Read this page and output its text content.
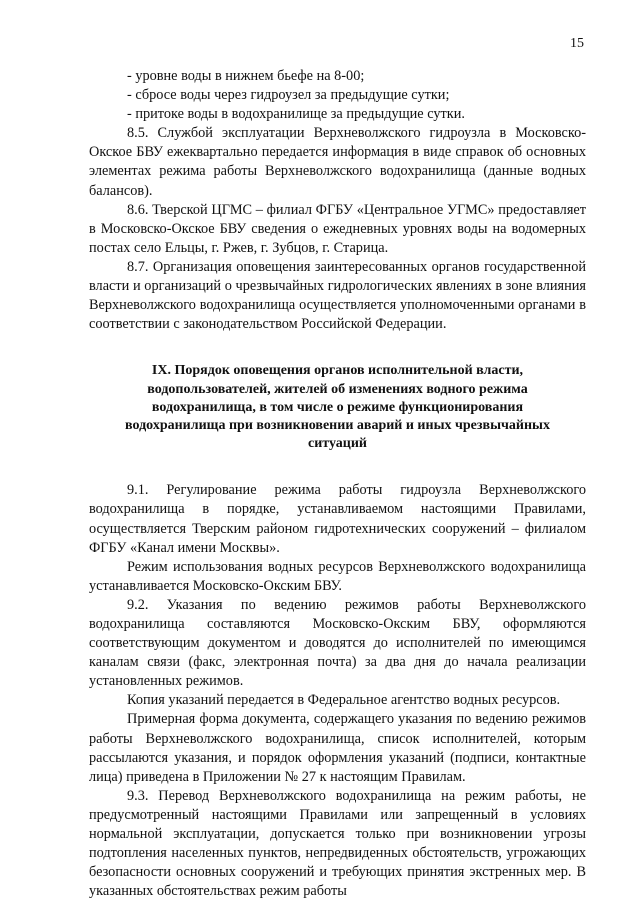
15

- уровне воды в нижнем бьефе на 8-00;

- сбросе воды через гидроузел за предыдущие сутки;

- притоке воды в водохранилище за предыдущие сутки.

8.5. Службой эксплуатации Верхневолжского гидроузла в Московско-Окское БВУ ежеквартально передается информация в виде справок об основных элементах режима работы Верхневолжского водохранилища (данные водных балансов).

8.6. Тверской ЦГМС – филиал ФГБУ «Центральное УГМС» предоставляет в Московско-Окское БВУ сведения о ежедневных уровнях воды на водомерных постах село Ельцы, г. Ржев, г. Зубцов, г. Старица.

8.7. Организация оповещения заинтересованных органов государственной власти и организаций о чрезвычайных гидрологических явлениях в зоне влияния Верхневолжского водохранилища осуществляется уполномоченными органами в соответствии с законодательством Российской Федерации.

IX. Порядок оповещения органов исполнительной власти, водопользователей, жителей об изменениях водного режима водохранилища, в том числе о режиме функционирования водохранилища при возникновении аварий и иных чрезвычайных ситуаций

9.1. Регулирование режима работы гидроузла Верхневолжского водохранилища в порядке, устанавливаемом настоящими Правилами, осуществляется Тверским районом гидротехнических сооружений – филиалом ФГБУ «Канал имени Москвы».

Режим использования водных ресурсов Верхневолжского водохранилища устанавливается Московско-Окским БВУ.

9.2. Указания по ведению режимов работы Верхневолжского водохранилища составляются Московско-Окским БВУ, оформляются соответствующим документом и доводятся до исполнителей по имеющимся каналам связи (факс, электронная почта) за два дня до начала реализации установленных режимов.

Копия указаний передается в Федеральное агентство водных ресурсов.

Примерная форма документа, содержащего указания по ведению режимов работы Верхневолжского водохранилища, список исполнителей, которым рассылаются указания, и порядок оформления указаний (подписи, контактные лица) приведена в Приложении № 27 к настоящим Правилам.

9.3. Перевод Верхневолжского водохранилища на режим работы, не предусмотренный настоящими Правилами или запрещенный в условиях нормальной эксплуатации, допускается только при возникновении угрозы подтопления населенных пунктов, непредвиденных обстоятельств, угрожающих безопасности основных сооружений и требующих принятия экстренных мер. В указанных обстоятельствах режим работы
